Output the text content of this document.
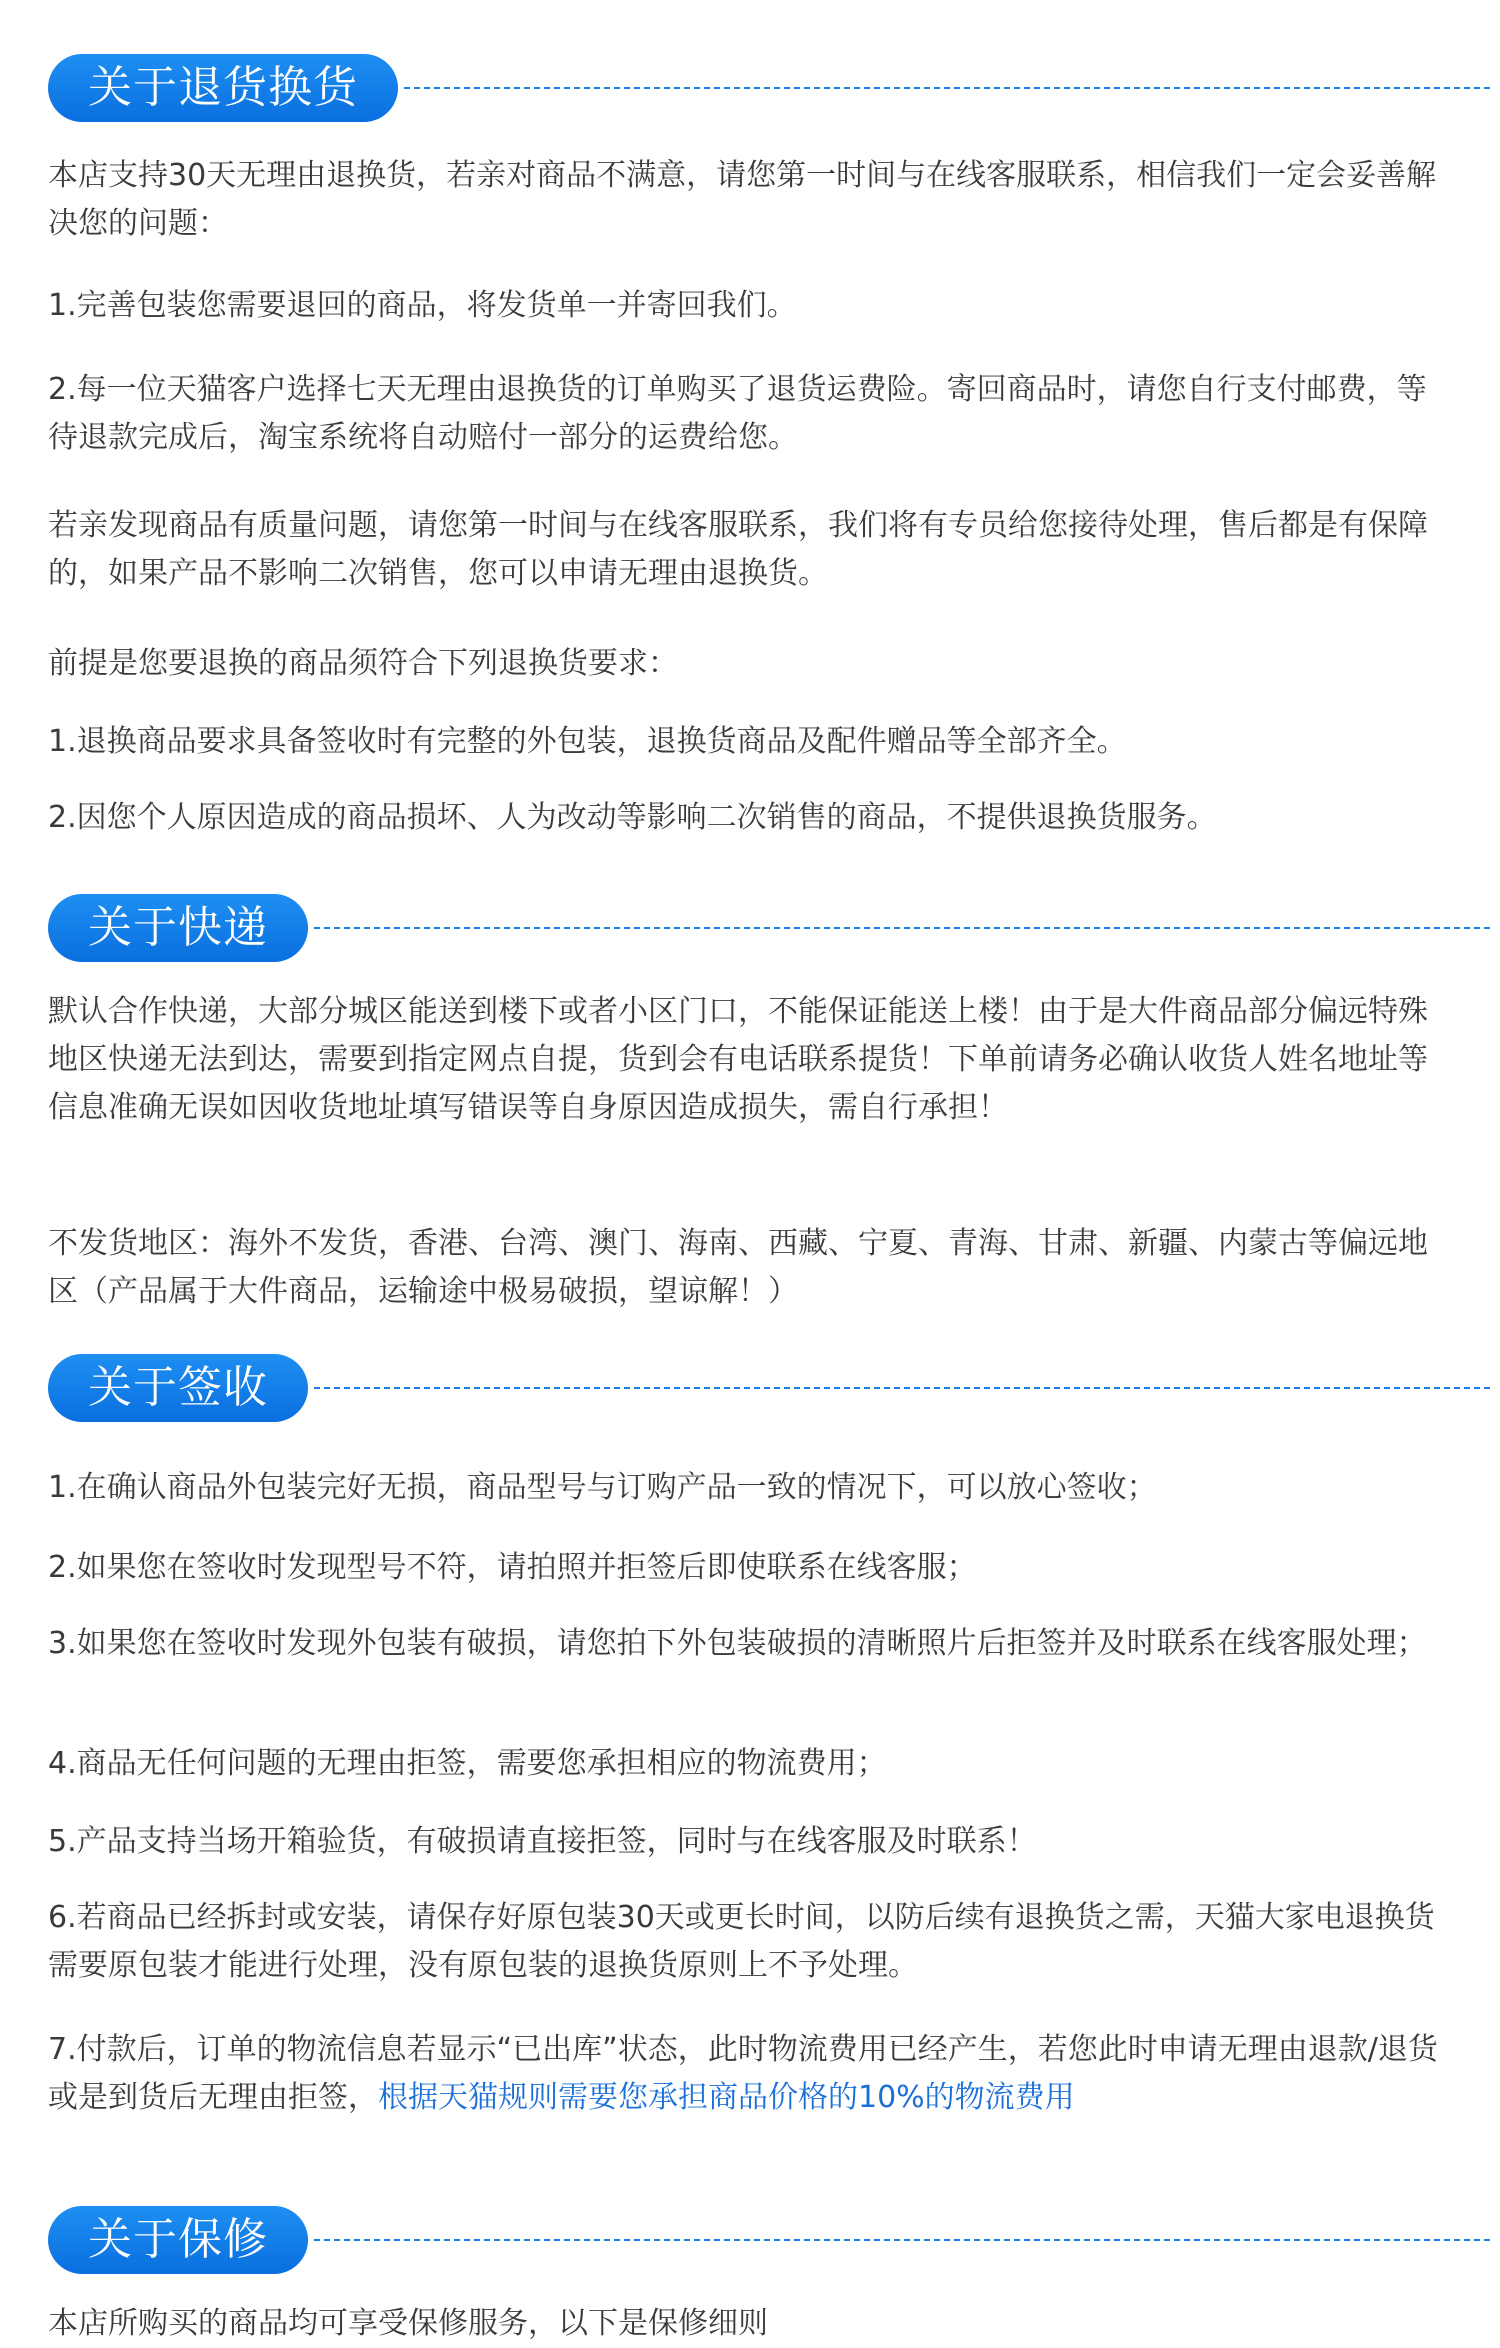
关于退货换货

本店支持30天无理由退换货，若亲对商品不满意，请您第一时间与在线客服联系，相信我们一定会妥善解决您的问题：

1.完善包装您需要退回的商品，将发货单一并寄回我们。

2.每一位天猫客户选择七天无理由退换货的订单购买了退货运费险。寄回商品时，请您自行支付邮费，等待退款完成后，淘宝系统将自动赔付一部分的运费给您。

若亲发现商品有质量问题，请您第一时间与在线客服联系，我们将有专员给您接待处理，售后都是有保障的，如果产品不影响二次销售，您可以申请无理由退换货。

前提是您要退换的商品须符合下列退换货要求：

1.退换商品要求具备签收时有完整的外包装，退换货商品及配件赠品等全部齐全。

2.因您个人原因造成的商品损坏、人为改动等影响二次销售的商品，不提供退换货服务。

关于快递

默认合作快递，大部分城区能送到楼下或者小区门口，不能保证能送上楼！由于是大件商品部分偏远特殊地区快递无法到达，需要到指定网点自提，货到会有电话联系提货！下单前请务必确认收货人姓名地址等信息准确无误如因收货地址填写错误等自身原因造成损失，需自行承担！

不发货地区：海外不发货，香港、台湾、澳门、海南、西藏、宁夏、青海、甘肃、新疆、内蒙古等偏远地区（产品属于大件商品，运输途中极易破损，望谅解！）

关于签收

1.在确认商品外包装完好无损，商品型号与订购产品一致的情况下，可以放心签收；

2.如果您在签收时发现型号不符，请拍照并拒签后即使联系在线客服；

3.如果您在签收时发现外包装有破损，请您拍下外包装破损的清晰照片后拒签并及时联系在线客服处理；

4.商品无任何问题的无理由拒签，需要您承担相应的物流费用；

5.产品支持当场开箱验货，有破损请直接拒签，同时与在线客服及时联系！

6.若商品已经拆封或安装，请保存好原包装30天或更长时间，以防后续有退换货之需，天猫大家电退换货需要原包装才能进行处理，没有原包装的退换货原则上不予处理。

7.付款后，订单的物流信息若显示“已出库”状态，此时物流费用已经产生，若您此时申请无理由退款/退货或是到货后无理由拒签，根据天猫规则需要您承担商品价格的10%的物流费用

关于保修

本店所购买的商品均可享受保修服务，以下是保修细则
